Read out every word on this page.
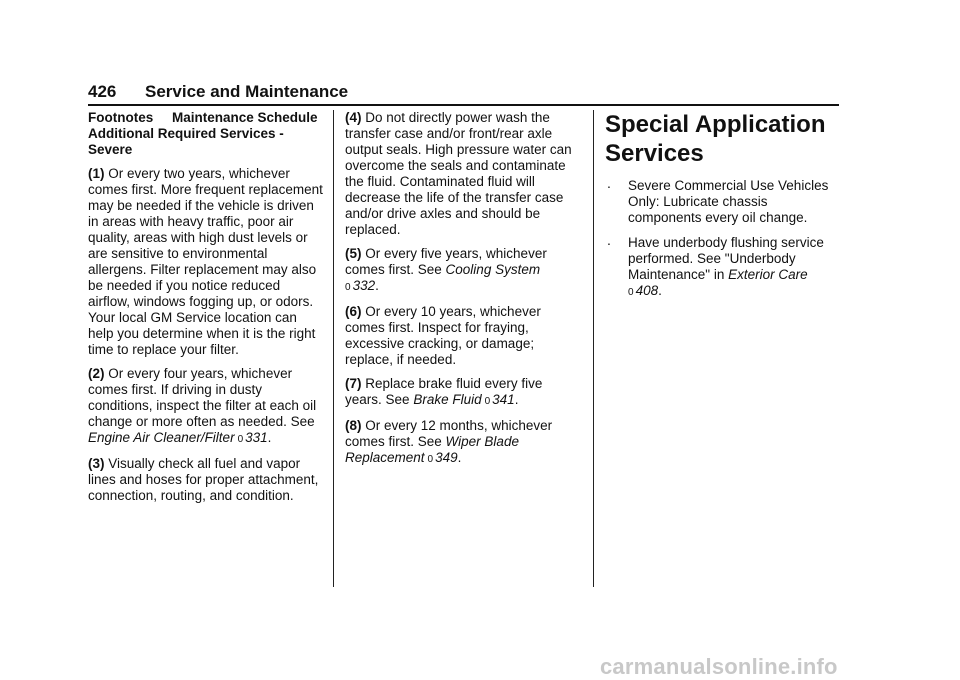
426 Service and Maintenance

Footnotes     Maintenance Schedule Additional Required Services - Severe

(1) Or every two years, whichever comes first. More frequent replacement may be needed if the vehicle is driven in areas with heavy traffic, poor air quality, areas with high dust levels or are sensitive to environmental allergens. Filter replacement may also be needed if you notice reduced airflow, windows fogging up, or odors. Your local GM Service location can help you determine when it is the right time to replace your filter.

(2) Or every four years, whichever comes first. If driving in dusty conditions, inspect the filter at each oil change or more often as needed. See Engine Air Cleaner/Filter 0 331.

(3) Visually check all fuel and vapor lines and hoses for proper attachment, connection, routing, and condition.

(4) Do not directly power wash the transfer case and/or front/rear axle output seals. High pressure water can overcome the seals and contaminate the fluid. Contaminated fluid will decrease the life of the transfer case and/or drive axles and should be replaced.

(5) Or every five years, whichever comes first. See Cooling System
0 332.

(6) Or every 10 years, whichever comes first. Inspect for fraying, excessive cracking, or damage; replace, if needed.

(7) Replace brake fluid every five years. See Brake Fluid 0 341.

(8) Or every 12 months, whichever comes first. See Wiper Blade Replacement 0 349.

Special Application Services
. Severe Commercial Use Vehicles Only: Lubricate chassis components every oil change.
. Have underbody flushing service performed. See "Underbody Maintenance" in Exterior Care
0 408.
carmanualsonline.info
